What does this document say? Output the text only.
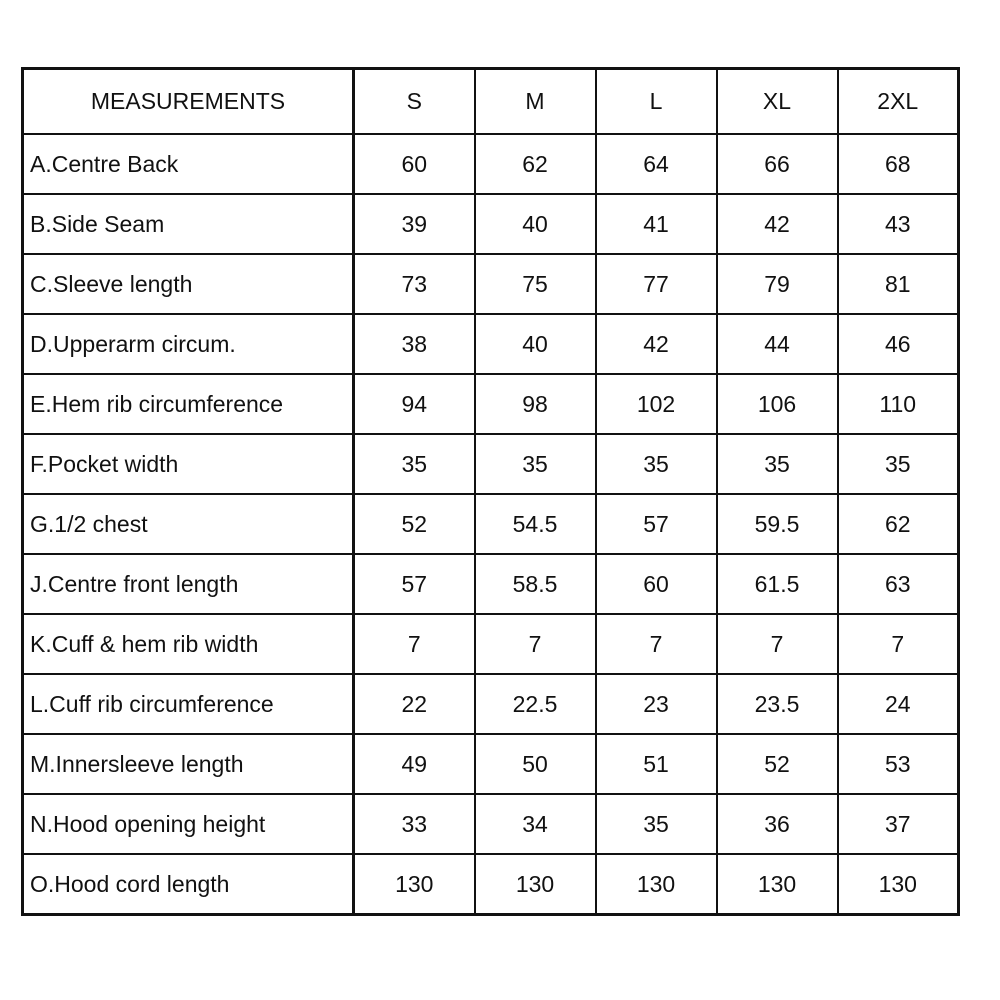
MEASUREMENTS	S	M	L	XL	2XL
A.Centre Back	60	62	64	66	68
B.Side Seam	39	40	41	42	43
C.Sleeve length	73	75	77	79	81
D.Upperarm circum.	38	40	42	44	46
E.Hem rib circumference	94	98	102	106	110
F.Pocket width	35	35	35	35	35
G.1/2 chest	52	54.5	57	59.5	62
J.Centre front length	57	58.5	60	61.5	63
K.Cuff & hem rib width	7	7	7	7	7
L.Cuff rib circumference	22	22.5	23	23.5	24
M.Innersleeve length	49	50	51	52	53
N.Hood opening height	33	34	35	36	37
O.Hood cord length	130	130	130	130	130
